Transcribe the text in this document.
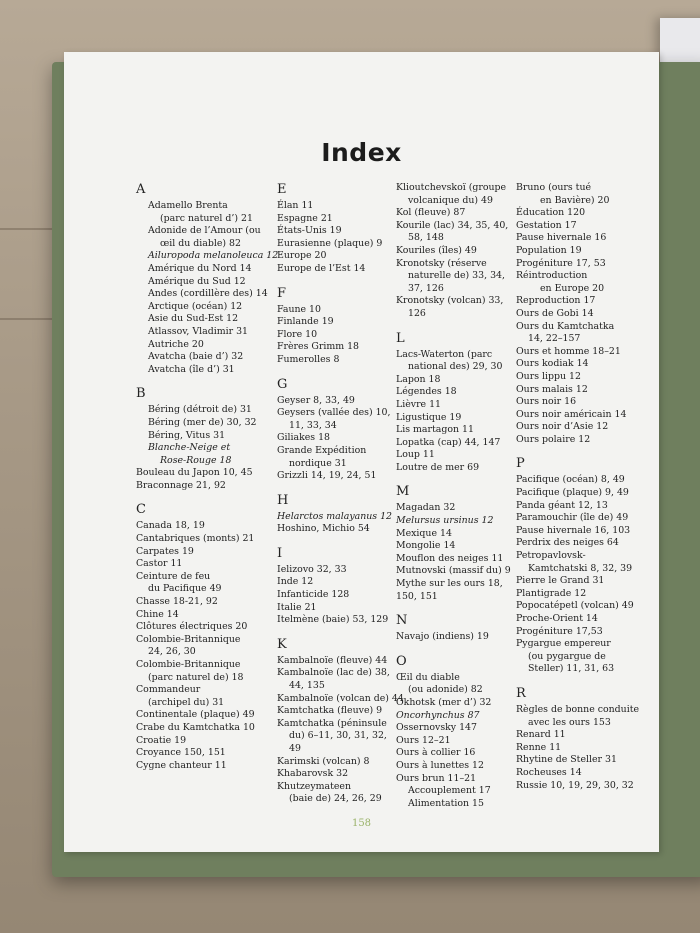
Index
A
Adamello Brenta
(parc naturel d’) 21
Adonide de l’Amour (ou
œil du diable) 82
Ailuropoda melanoleuca 12
Amérique du Nord 14
Amérique du Sud 12
Andes (cordillère des) 14
Arctique (océan) 12
Asie du Sud-Est 12
Atlassov, Vladimir 31
Autriche 20
Avatcha (baie d’) 32
Avatcha (île d’) 31
B
Béring (détroit de) 31
Béring (mer de) 30, 32
Béring, Vitus 31
Blanche-Neige et
Rose-Rouge 18
Bouleau du Japon 10, 45
Braconnage 21, 92
C
Canada 18, 19
Cantabriques (monts) 21
Carpates 19
Castor 11
Ceinture de feu
du Pacifique 49
Chasse 18-21, 92
Chine 14
Clôtures électriques 20
Colombie-Britannique
24, 26, 30
Colombie-Britannique
(parc naturel de) 18
Commandeur
(archipel du) 31
Continentale (plaque) 49
Crabe du Kamtchatka 10
Croatie 19
Croyance 150, 151
Cygne chanteur 11
E
Élan 11
Espagne 21
États-Unis 19
Eurasienne (plaque) 9
Europe 20
Europe de l’Est 14
F
Faune 10
Finlande 19
Flore 10
Frères Grimm 18
Fumerolles 8
G
Geyser 8, 33, 49
Geysers (vallée des) 10,
11, 33, 34
Giliakes 18
Grande Expédition
nordique 31
Grizzli 14, 19, 24, 51
H
Helarctos malayanus 12
Hoshino, Michio 54
I
Ielizovo 32, 33
Inde 12
Infanticide 128
Italie 21
Itelmène (baie) 53, 129
K
Kambalnoïe (fleuve) 44
Kambalnoïe (lac de) 38,
44, 135
Kambalnoïe (volcan de) 44
Kamtchatka (fleuve) 9
Kamtchatka (péninsule
du) 6–11, 30, 31, 32,
49
Karimski (volcan) 8
Khabarovsk 32
Khutzeymateen
(baie de) 24, 26, 29
Klioutchevskoï (groupe
volcanique du) 49
Kol (fleuve) 87
Kourile (lac) 34, 35, 40,
58, 148
Kouriles (îles) 49
Kronotsky (réserve
naturelle de) 33, 34,
37, 126
Kronotsky (volcan) 33,
126
L
Lacs-Waterton (parc
national des) 29, 30
Lapon 18
Légendes 18
Lièvre 11
Ligustique 19
Lis martagon 11
Lopatka (cap) 44, 147
Loup 11
Loutre de mer 69
M
Magadan 32
Melursus ursinus 12
Mexique 14
Mongolie 14
Mouflon des neiges 11
Mutnovski (massif du) 9
Mythe sur les ours 18,
150, 151
N
Navajo (indiens) 19
O
Œil du diable
(ou adonide) 82
Okhotsk (mer d’) 32
Oncorhynchus 87
Ossernovsky 147
Ours 12–21
Ours à collier 16
Ours à lunettes 12
Ours brun 11–21
Accouplement 17
Alimentation 15
Bruno (ours tué
en Bavière) 20
Éducation 120
Gestation 17
Pause hivernale 16
Population 19
Progéniture 17, 53
Réintroduction
en Europe 20
Reproduction 17
Ours de Gobi 14
Ours du Kamtchatka
14, 22–157
Ours et homme 18–21
Ours kodiak 14
Ours lippu 12
Ours malais 12
Ours noir 16
Ours noir américain 14
Ours noir d’Asie 12
Ours polaire 12
P
Pacifique (océan) 8, 49
Pacifique (plaque) 9, 49
Panda géant 12, 13
Paramouchir (île de) 49
Pause hivernale 16, 103
Perdrix des neiges 64
Petropavlovsk-
Kamtchatski 8, 32, 39
Pierre le Grand 31
Plantigrade 12
Popocatépetl (volcan) 49
Proche-Orient 14
Progéniture 17,53
Pygargue empereur
(ou pygargue de
Steller) 11, 31, 63
R
Règles de bonne conduite
avec les ours 153
Renard 11
Renne 11
Rhytine de Steller 31
Rocheuses 14
Russie 10, 19, 29, 30, 32
158
